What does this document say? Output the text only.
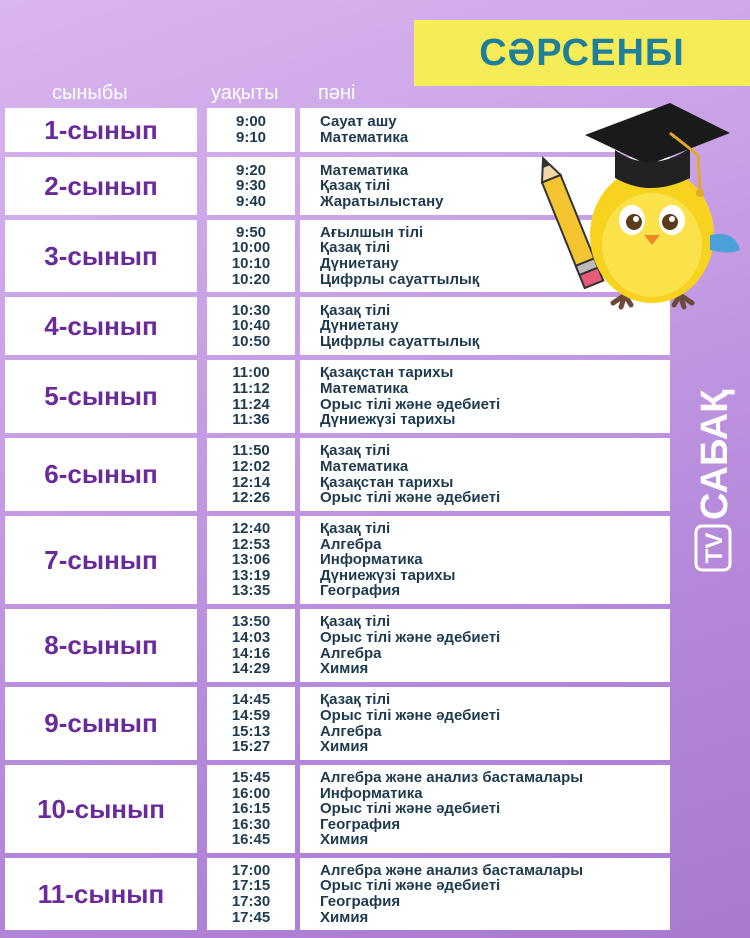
СӘРСЕНБІ
сыныбы	уақыты пәні
1-сынып	9:00
9:10
Сауат ашу
Математика
2-сынып
9:20
9:30
9:40
Математика
Қазақ тілі
Жаратылыстану
3-сынып
9:50
10:00
10:10
10:20
Ағылшын тілі
Қазақ тілі
Дүниетану
Цифрлы сауаттылық
4-сынып
10:30
10:40
10:50
Қазақ тілі
Дүниетану
Цифрлы сауаттылық
5-сынып
11:00
11:12
11:24
11:36
Қазақстан тарихы
Математика
Орыс тілі және әдебиеті
Дүниежүзі тарихы
6-сынып
11:50
12:02
12:14
12:26
Қазақ тілі
Математика
Қазақстан тарихы
Орыс тілі және әдебиеті
7-сынып
12:40
12:53
13:06
13:19
13:35
Қазақ тілі
Алгебра
Информатика
Дүниежүзі тарихы
География
8-сынып
13:50
14:03
14:16
14:29
Қазақ тілі
Орыс тілі және әдебиеті
Алгебра
Химия
9-сынып
14:45
14:59
15:13
15:27
Қазақ тілі
Орыс тілі және әдебиеті
Алгебра
Химия
10-сынып
15:45
16:00
16:15
16:30
16:45
Алгебра және анализ бастамалары
Информатика
Орыс тілі және әдебиеті
География
Химия
11-сынып
17:00
17:15
17:30
17:45
Алгебра және анализ бастамалары
Орыс тілі және әдебиеті
География
Химия
TV
САБАҚ
